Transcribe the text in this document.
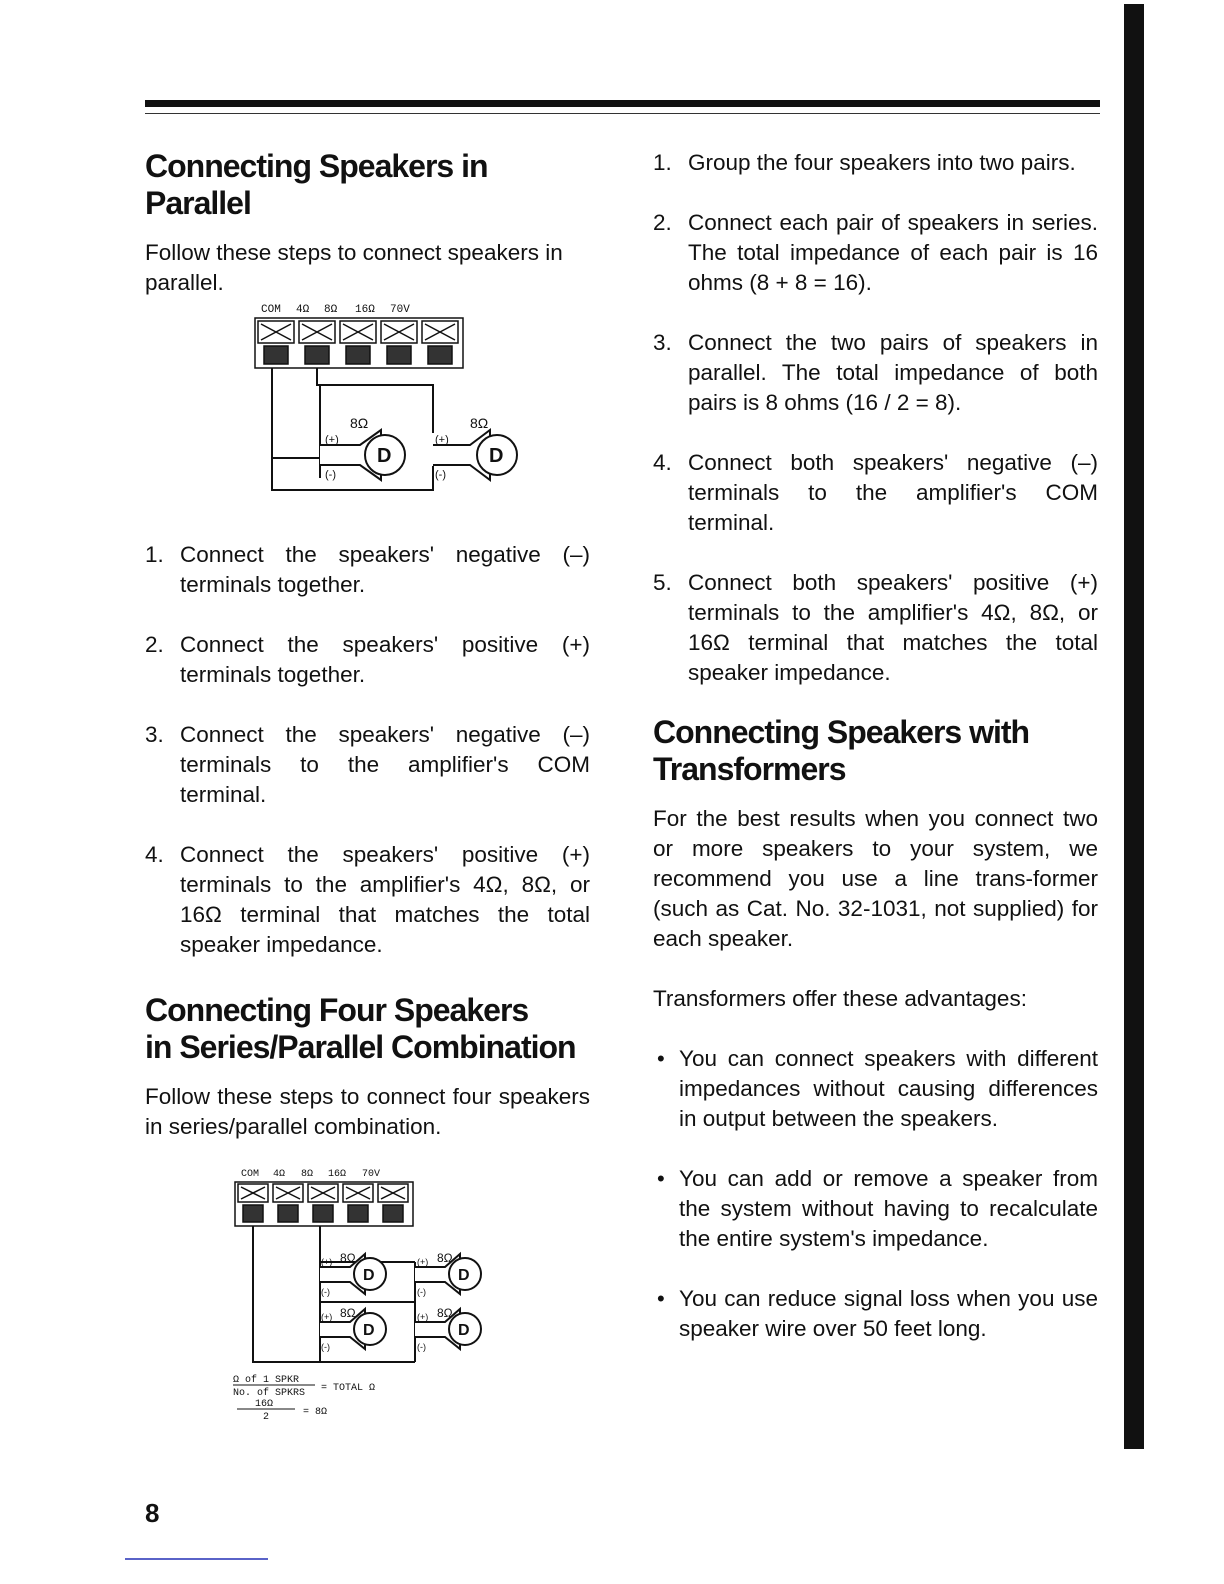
Connecting Speakers in
Parallel

Follow these steps to connect speakers in parallel.

COM 4Ω 8Ω 16Ω 70V
D
8Ω
(+)
(-)
D
8Ω
(+)
(-)
1. Connect the speakers' negative (–) terminals together.
2. Connect the speakers' positive (+) terminals together.
3. Connect the speakers' negative (–) terminals to the amplifier's COM terminal.
4. Connect the speakers' positive (+) terminals to the amplifier's 4Ω, 8Ω, or 16Ω terminal that matches the total speaker impedance.
Connecting Four Speakers
in Series/Parallel Combination

Follow these steps to connect four speakers in series/parallel combination.

COM 4Ω 8Ω 16Ω 70V
D
8Ω
(+)
(-)
D
8Ω
(+)
(-)
D
8Ω
(+)
(-)
D
8Ω
(+)
(-)
Ω of 1 SPKR
No. of SPKRS = TOTAL Ω
16Ω
2	= 8Ω
1. Group the four speakers into two pairs.
2. Connect each pair of speakers in series. The total impedance of each pair is 16 ohms (8 + 8 = 16).
3. Connect the two pairs of speakers in parallel. The total impedance of both pairs is 8 ohms (16 / 2 = 8).
4. Connect both speakers' negative (–) terminals to the amplifier's COM terminal.
5. Connect both speakers' positive (+) terminals to the amplifier's 4Ω, 8Ω, or 16Ω terminal that matches the total speaker impedance.
Connecting Speakers with
Transformers

For the best results when you connect two or more speakers to your system, we recommend you use a line trans-former (such as Cat. No. 32-1031, not supplied) for each speaker.

Transformers offer these advantages:

• You can connect speakers with different impedances without causing differences in output between the speakers.
• You can add or remove a speaker from the system without having to recalculate the entire system's impedance.
• You can reduce signal loss when you use speaker wire over 50 feet long.
8
